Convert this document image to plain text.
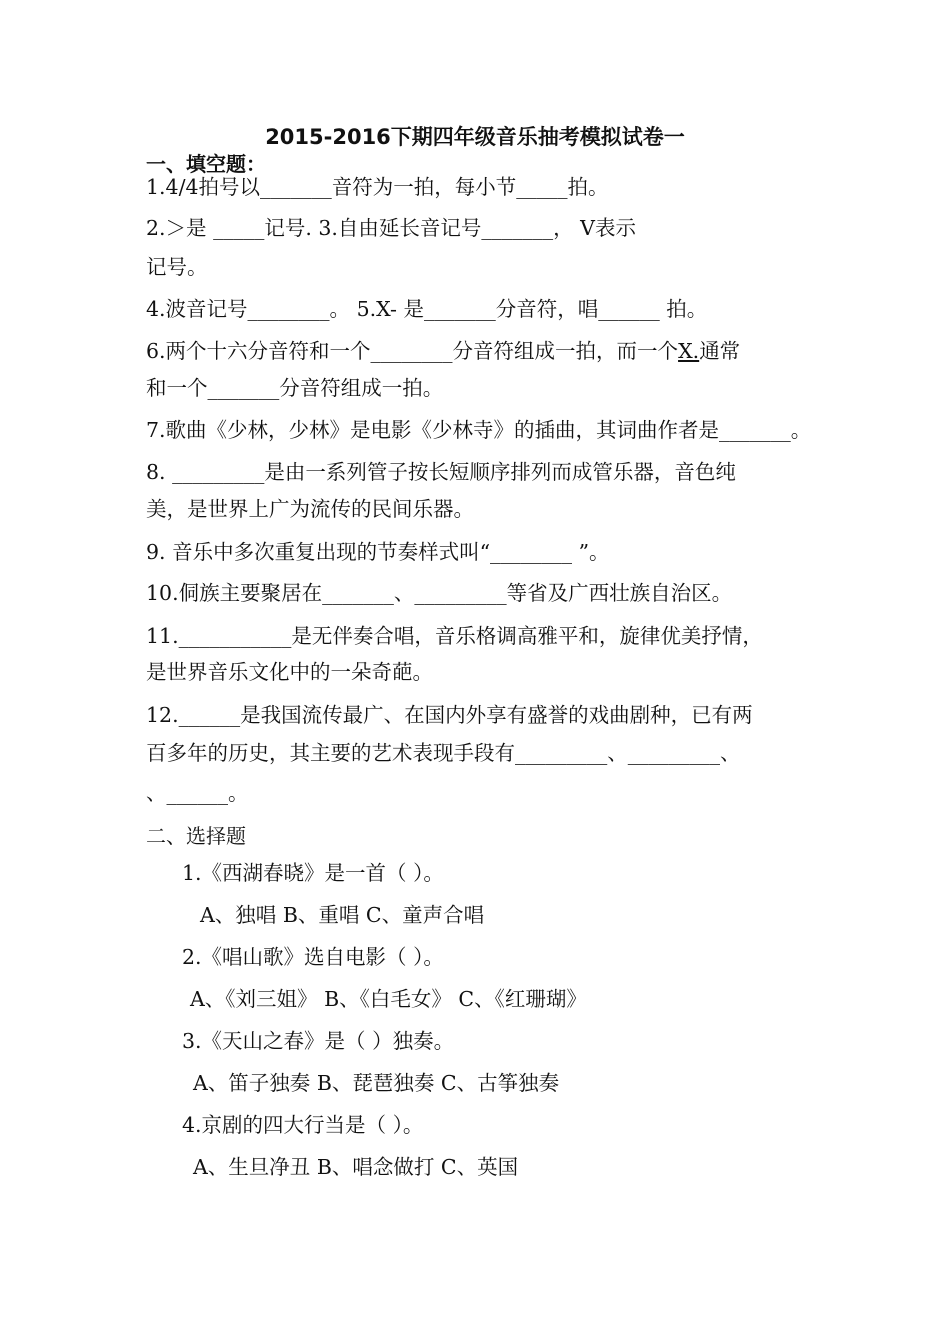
2015-2016下期四年级音乐抽考模拟试卷一
一、填空题：
1.4/4拍号以_______音符为一拍，每小节_____拍。
2.＞是 _____记号. 3.自由延长音记号_______， V表示
记号。
4.波音记号________。 5.X- 是_______分音符，唱______ 拍。
6.两个十六分音符和一个________分音符组成一拍，而一个X.通常
和一个_______分音符组成一拍。
7.歌曲《少林，少林》是电影《少林寺》的插曲，其词曲作者是_______。
8. _________是由一系列管子按长短顺序排列而成管乐器，音色纯
美，是世界上广为流传的民间乐器。
9. 音乐中多次重复出现的节奏样式叫“________ ”。
10.侗族主要聚居在_______、_________等省及广西壮族自治区。
11.___________是无伴奏合唱，音乐格调高雅平和，旋律优美抒情，
是世界音乐文化中的一朵奇葩。
12.______是我国流传最广、在国内外享有盛誉的戏曲剧种，已有两
百多年的历史，其主要的艺术表现手段有_________、_________、
、______。
二、选择题
1.《西湖春晓》是一首（ ）。
A、独唱 B、重唱 C、童声合唱
2.《唱山歌》选自电影（ ）。
A、《刘三姐》 B、《白毛女》 C、《红珊瑚》
3.《天山之春》是（ ）独奏。
A、笛子独奏 B、琵琶独奏 C、古筝独奏
4.京剧的四大行当是（ ）。
A、生旦净丑 B、唱念做打 C、英国
